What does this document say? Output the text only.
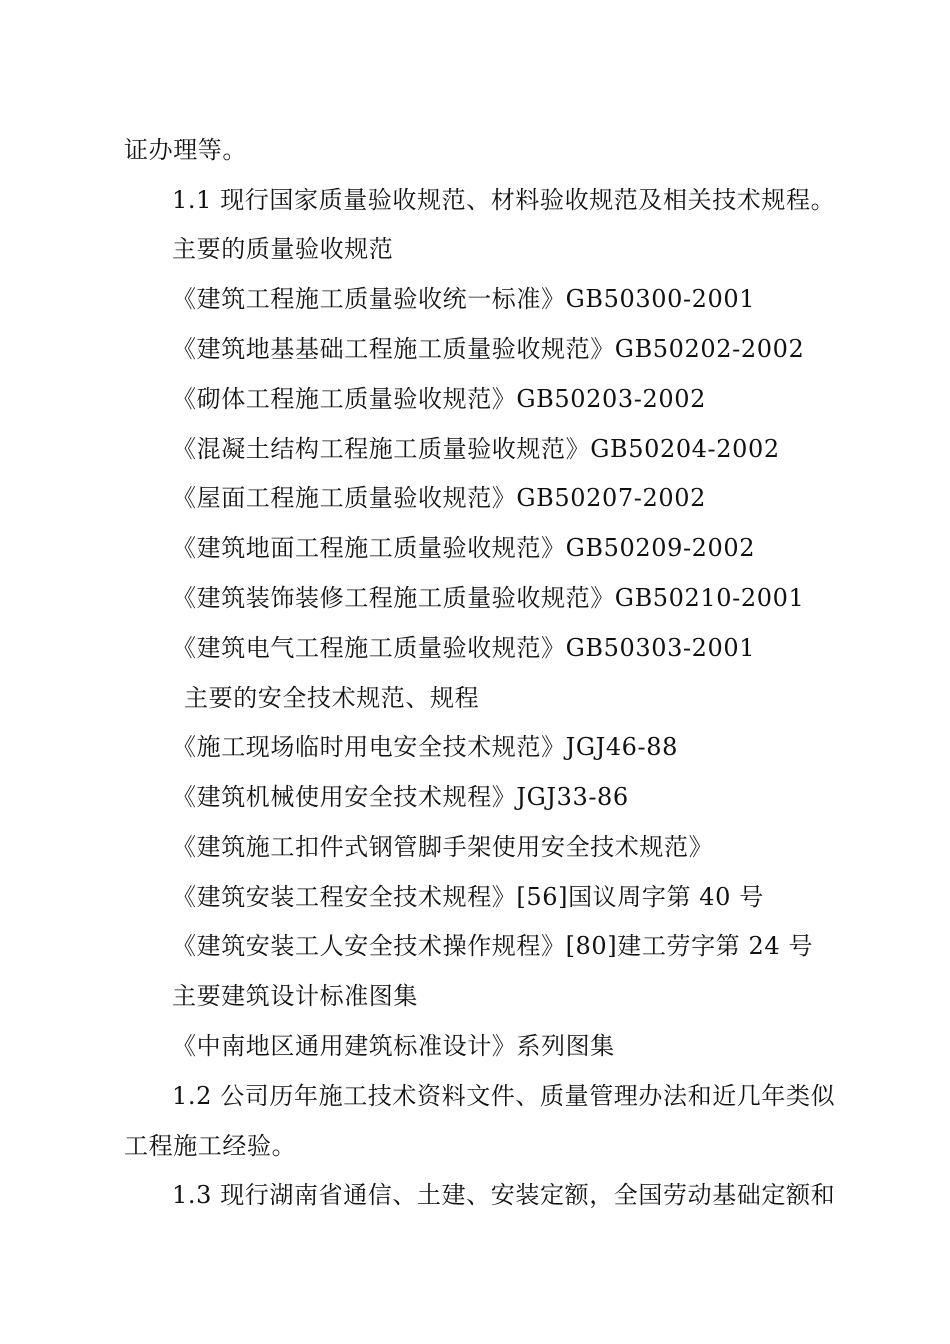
证办理等。
1.1 现行国家质量验收规范、材料验收规范及相关技术规程。
主要的质量验收规范
《建筑工程施工质量验收统一标准》GB50300-2001
《建筑地基基础工程施工质量验收规范》GB50202-2002
《砌体工程施工质量验收规范》GB50203-2002
《混凝土结构工程施工质量验收规范》GB50204-2002
《屋面工程施工质量验收规范》GB50207-2002
《建筑地面工程施工质量验收规范》GB50209-2002
《建筑装饰装修工程施工质量验收规范》GB50210-2001
《建筑电气工程施工质量验收规范》GB50303-2001
主要的安全技术规范、规程
《施工现场临时用电安全技术规范》JGJ46-88
《建筑机械使用安全技术规程》JGJ33-86
《建筑施工扣件式钢管脚手架使用安全技术规范》
《建筑安装工程安全技术规程》[56]国议周字第 40 号
《建筑安装工人安全技术操作规程》[80]建工劳字第 24 号
主要建筑设计标准图集
《中南地区通用建筑标准设计》系列图集
1.2 公司历年施工技术资料文件、质量管理办法和近几年类似
工程施工经验。
1.3 现行湖南省通信、土建、安装定额，全国劳动基础定额和
